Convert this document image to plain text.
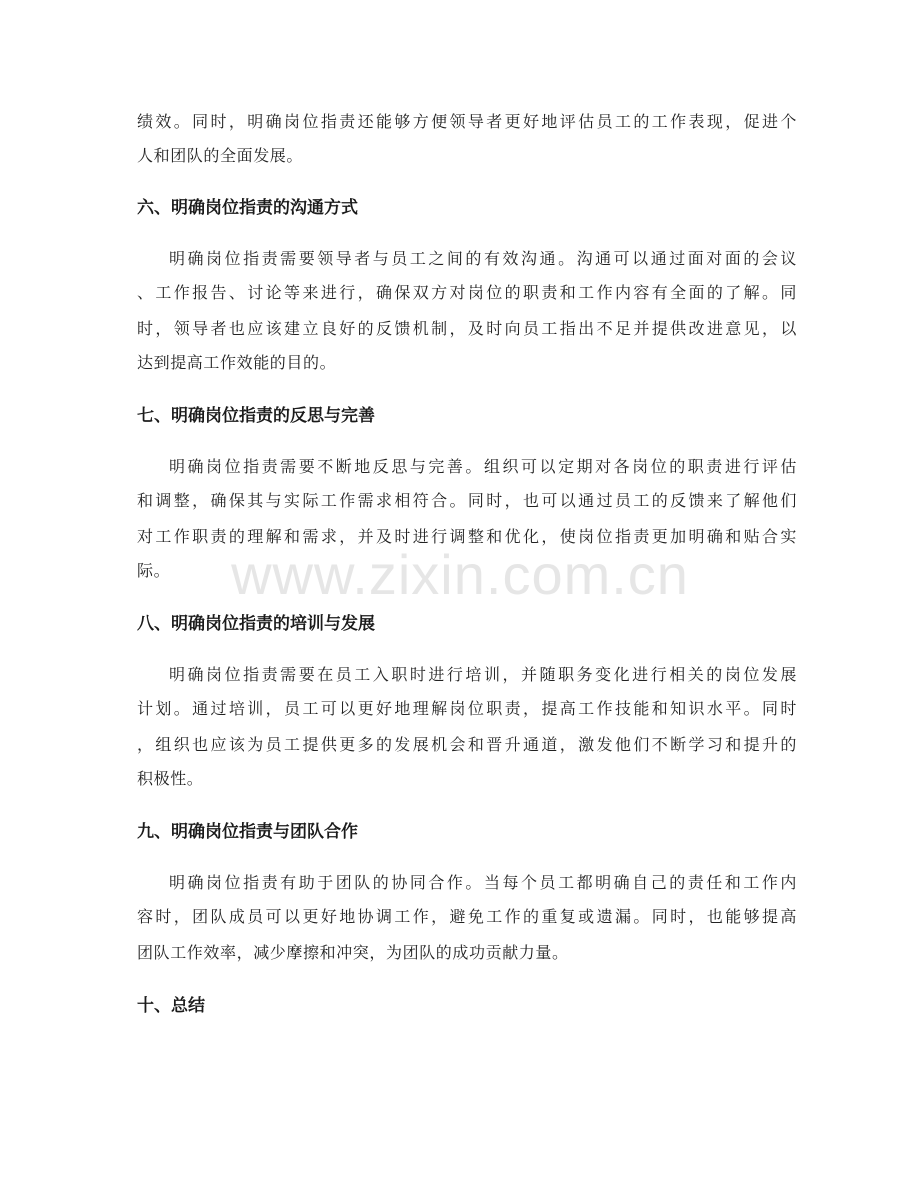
www.zixin.com.cn
绩效。同时，明确岗位指责还能够方便领导者更好地评估员工的工作表现，促进个
人和团队的全面发展。
六、明确岗位指责的沟通方式
明确岗位指责需要领导者与员工之间的有效沟通。沟通可以通过面对面的会议
、工作报告、讨论等来进行，确保双方对岗位的职责和工作内容有全面的了解。同
时，领导者也应该建立良好的反馈机制，及时向员工指出不足并提供改进意见，以
达到提高工作效能的目的。
七、明确岗位指责的反思与完善
明确岗位指责需要不断地反思与完善。组织可以定期对各岗位的职责进行评估
和调整，确保其与实际工作需求相符合。同时，也可以通过员工的反馈来了解他们
对工作职责的理解和需求，并及时进行调整和优化，使岗位指责更加明确和贴合实
际。
八、明确岗位指责的培训与发展
明确岗位指责需要在员工入职时进行培训，并随职务变化进行相关的岗位发展
计划。通过培训，员工可以更好地理解岗位职责，提高工作技能和知识水平。同时
，组织也应该为员工提供更多的发展机会和晋升通道，激发他们不断学习和提升的
积极性。
九、明确岗位指责与团队合作
明确岗位指责有助于团队的协同合作。当每个员工都明确自己的责任和工作内
容时，团队成员可以更好地协调工作，避免工作的重复或遗漏。同时，也能够提高
团队工作效率，减少摩擦和冲突，为团队的成功贡献力量。
十、总结
